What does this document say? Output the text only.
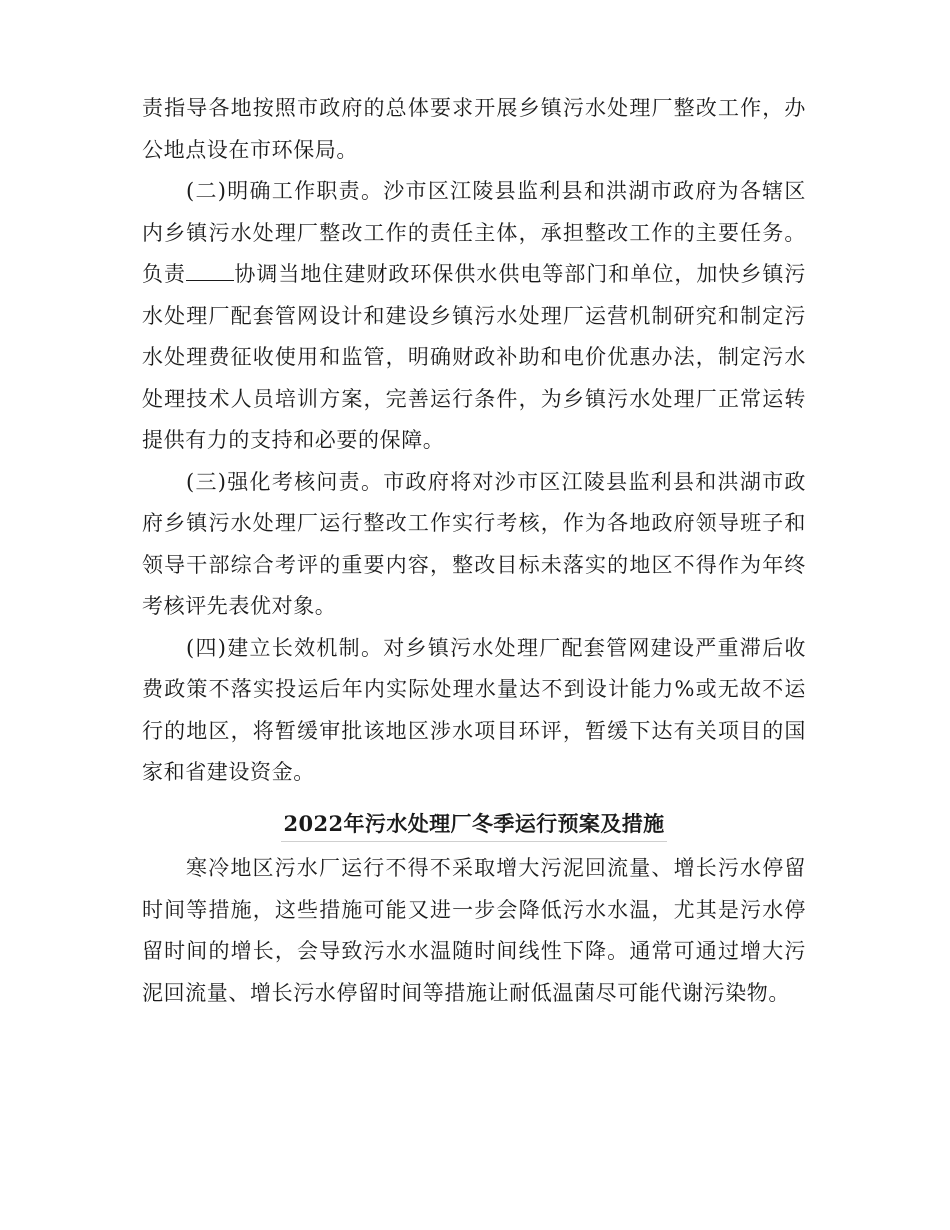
责指导各地按照市政府的总体要求开展乡镇污水处理厂整改工作，办公地点设在市环保局。

(二)明确工作职责。沙市区江陵县监利县和洪湖市政府为各辖区内乡镇污水处理厂整改工作的责任主体，承担整改工作的主要任务。负责 协调当地住建财政环保供水供电等部门和单位，加快乡镇污水处理厂配套管网设计和建设乡镇污水处理厂运营机制研究和制定污水处理费征收使用和监管，明确财政补助和电价优惠办法，制定污水处理技术人员培训方案，完善运行条件，为乡镇污水处理厂正常运转提供有力的支持和必要的保障。

(三)强化考核问责。市政府将对沙市区江陵县监利县和洪湖市政府乡镇污水处理厂运行整改工作实行考核，作为各地政府领导班子和领导干部综合考评的重要内容，整改目标未落实的地区不得作为年终考核评先表优对象。

(四)建立长效机制。对乡镇污水处理厂配套管网建设严重滞后收费政策不落实投运后年内实际处理水量达不到设计能力%或无故不运行的地区，将暂缓审批该地区涉水项目环评，暂缓下达有关项目的国家和省建设资金。

2022年污水处理厂冬季运行预案及措施

寒冷地区污水厂运行不得不采取增大污泥回流量、增长污水停留时间等措施，这些措施可能又进一步会降低污水水温，尤其是污水停留时间的增长，会导致污水水温随时间线性下降。通常可通过增大污泥回流量、增长污水停留时间等措施让耐低温菌尽可能代谢污染物。
